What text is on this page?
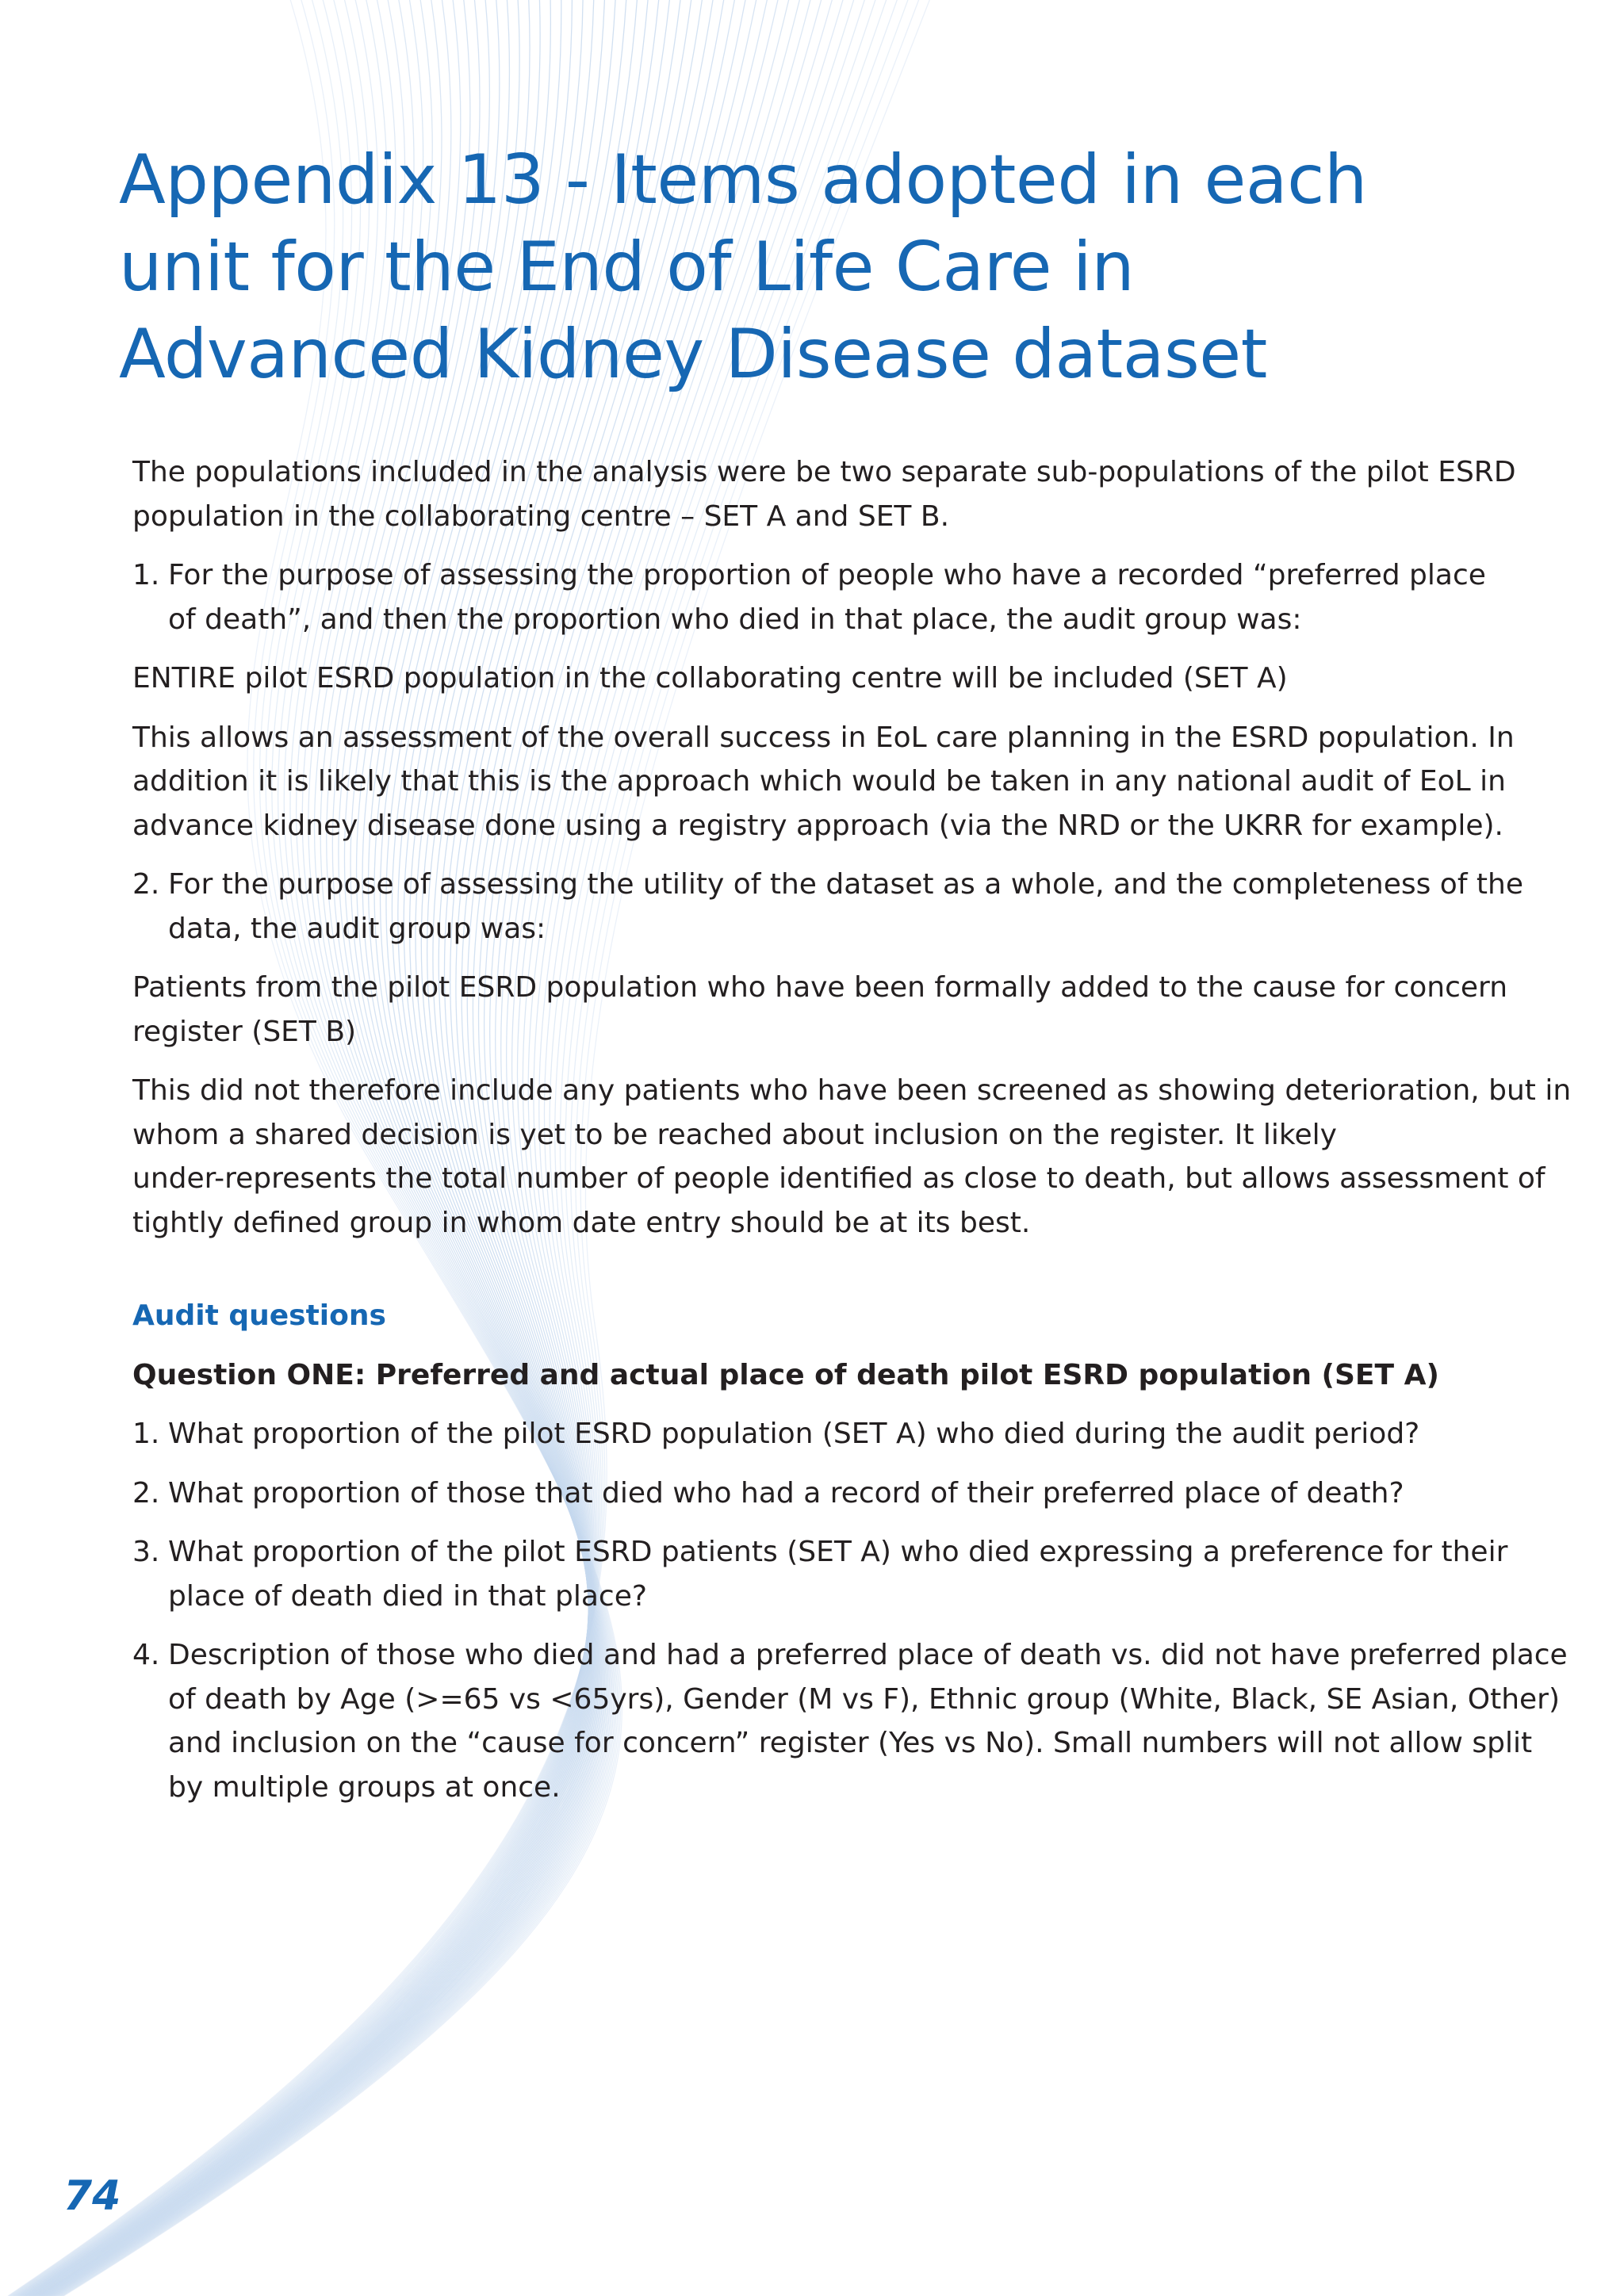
Appendix 13 - Items adopted in each
unit for the End of Life Care in
Advanced Kidney Disease dataset

The populations included in the analysis were be two separate sub-populations of the pilot ESRD
population in the collaborating centre – SET A and SET B.

1. For the purpose of assessing the proportion of people who have a recorded “preferred place
of death”, and then the proportion who died in that place, the audit group was:

ENTIRE pilot ESRD population in the collaborating centre will be included (SET A)

This allows an assessment of the overall success in EoL care planning in the ESRD population. In
addition it is likely that this is the approach which would be taken in any national audit of EoL in
advance kidney disease done using a registry approach (via the NRD or the UKRR for example).

2. For the purpose of assessing the utility of the dataset as a whole, and the completeness of the
data, the audit group was:

Patients from the pilot ESRD population who have been formally added to the cause for concern
register (SET B)

This did not therefore include any patients who have been screened as showing deterioration, but in
whom a shared decision is yet to be reached about inclusion on the register. It likely
under-represents the total number of people identified as close to death, but allows assessment of
tightly defined group in whom date entry should be at its best.

Audit questions

Question ONE: Preferred and actual place of death pilot ESRD population (SET A)

1. What proportion of the pilot ESRD population (SET A) who died during the audit period?

2. What proportion of those that died who had a record of their preferred place of death?

3. What proportion of the pilot ESRD patients (SET A) who died expressing a preference for their
place of death died in that place?

4. Description of those who died and had a preferred place of death vs. did not have preferred place
of death by Age (>=65 vs <65yrs), Gender (M vs F), Ethnic group (White, Black, SE Asian, Other)
and inclusion on the “cause for concern” register (Yes vs No). Small numbers will not allow split
by multiple groups at once.

74
